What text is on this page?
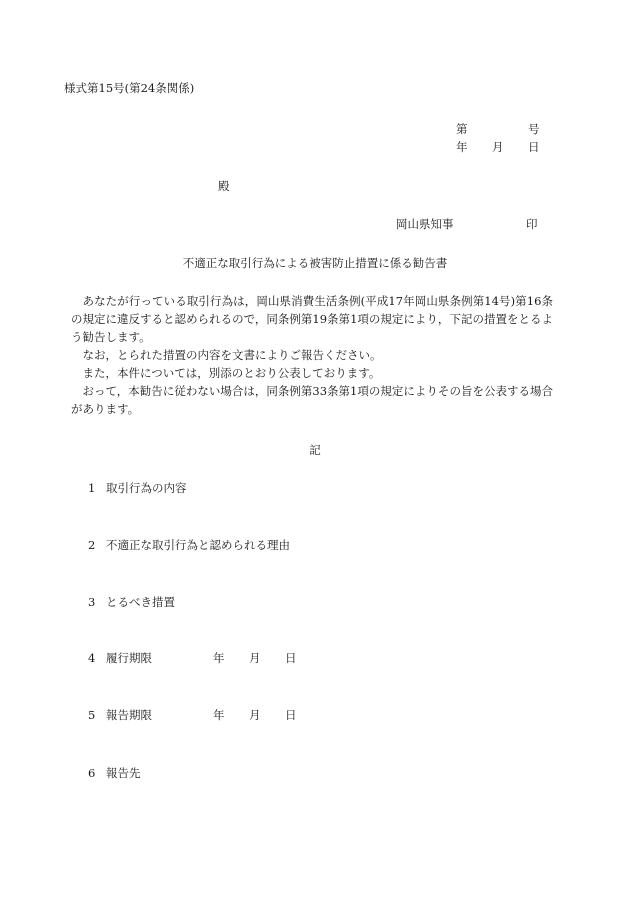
様式第15号(第24条関係)
第	号
年 月 日
殿
岡山県知事	印
不適正な取引行為による被害防止措置に係る勧告書

あなたが行っている取引行為は，岡山県消費生活条例(平成17年岡山県条例第14号)第16条の規定に違反すると認められるので，同条例第19条第1項の規定により，下記の措置をとるよう勧告します。

なお，とられた措置の内容を文書によりご報告ください。

また，本件については，別添のとおり公表しております。

おって，本勧告に従わない場合は，同条例第33条第1項の規定によりその旨を公表する場合があります。

記
1 取引行為の内容
2 不適正な取引行為と認められる理由
3 とるべき措置
4 履行期限	年 月 日
5 報告期限	年 月 日
6 報告先
